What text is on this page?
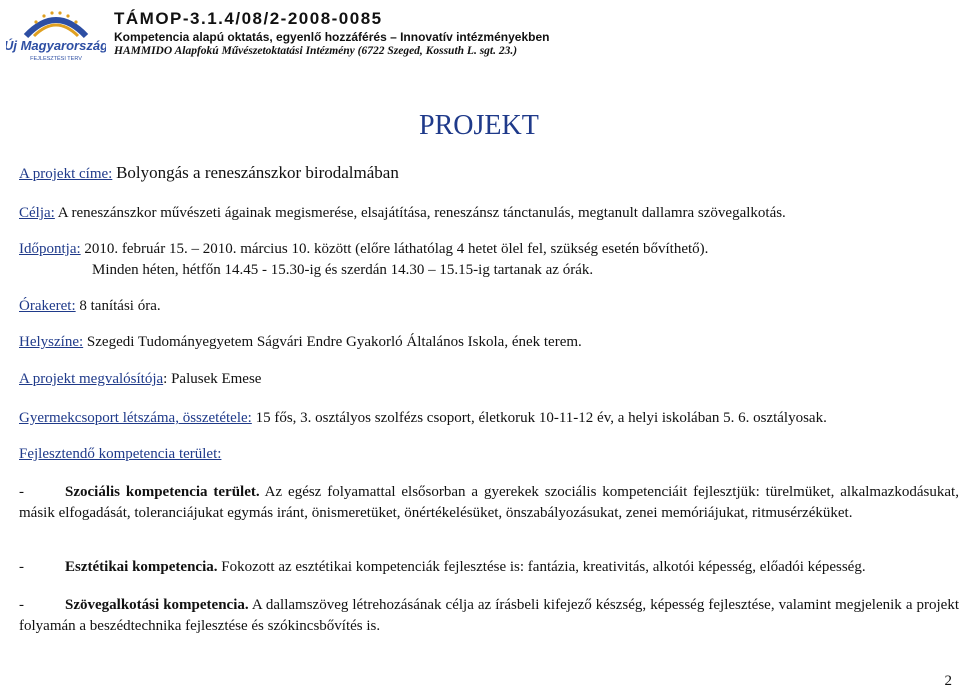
Új Magyarország
FEJLESZTÉSI TERV
TÁMOP-3.1.4/08/2-2008-0085
Kompetencia alapú oktatás, egyenlő hozzáférés – Innovatív intézményekben
HAMMIDO Alapfokú Művészetoktatási Intézmény (6722 Szeged, Kossuth L. sgt. 23.)
PROJEKT
A projekt címe: Bolyongás a reneszánszkor birodalmában
Célja: A reneszánszkor művészeti ágainak megismerése, elsajátítása, reneszánsz tánctanulás, megtanult dallamra szövegalkotás.
Időpontja: 2010. február 15. – 2010. március 10. között (előre láthatólag 4 hetet ölel fel, szükség esetén bővíthető).
Minden héten, hétfőn 14.45 - 15.30-ig és szerdán 14.30 – 15.15-ig tartanak az órák.
Órakeret: 8 tanítási óra.
Helyszíne: Szegedi Tudományegyetem Ságvári Endre Gyakorló Általános Iskola, ének terem.
A projekt megvalósítója: Palusek Emese
Gyermekcsoport létszáma, összetétele: 15 fős, 3. osztályos szolfézs csoport, életkoruk 10-11-12 év, a helyi iskolában 5. 6. osztályosak.
Fejlesztendő kompetencia terület:
-	Szociális kompetencia terület. Az egész folyamattal elsősorban a gyerekek szociális kompetenciáit fejlesztjük: türelmüket, alkalmazkodásukat, másik elfogadását, toleranciájukat egymás iránt, önismeretüket, önértékelésüket, önszabályozásukat, zenei memóriájukat, ritmusérzéküket.
-	Esztétikai kompetencia. Fokozott az esztétikai kompetenciák fejlesztése is: fantázia, kreativitás, alkotói képesség, előadói képesség.
-	Szövegalkotási kompetencia. A dallamszöveg létrehozásának célja az írásbeli kifejező készség, képesség fejlesztése, valamint megjelenik a projekt folyamán a beszédtechnika fejlesztése és szókincsbővítés is.
2
